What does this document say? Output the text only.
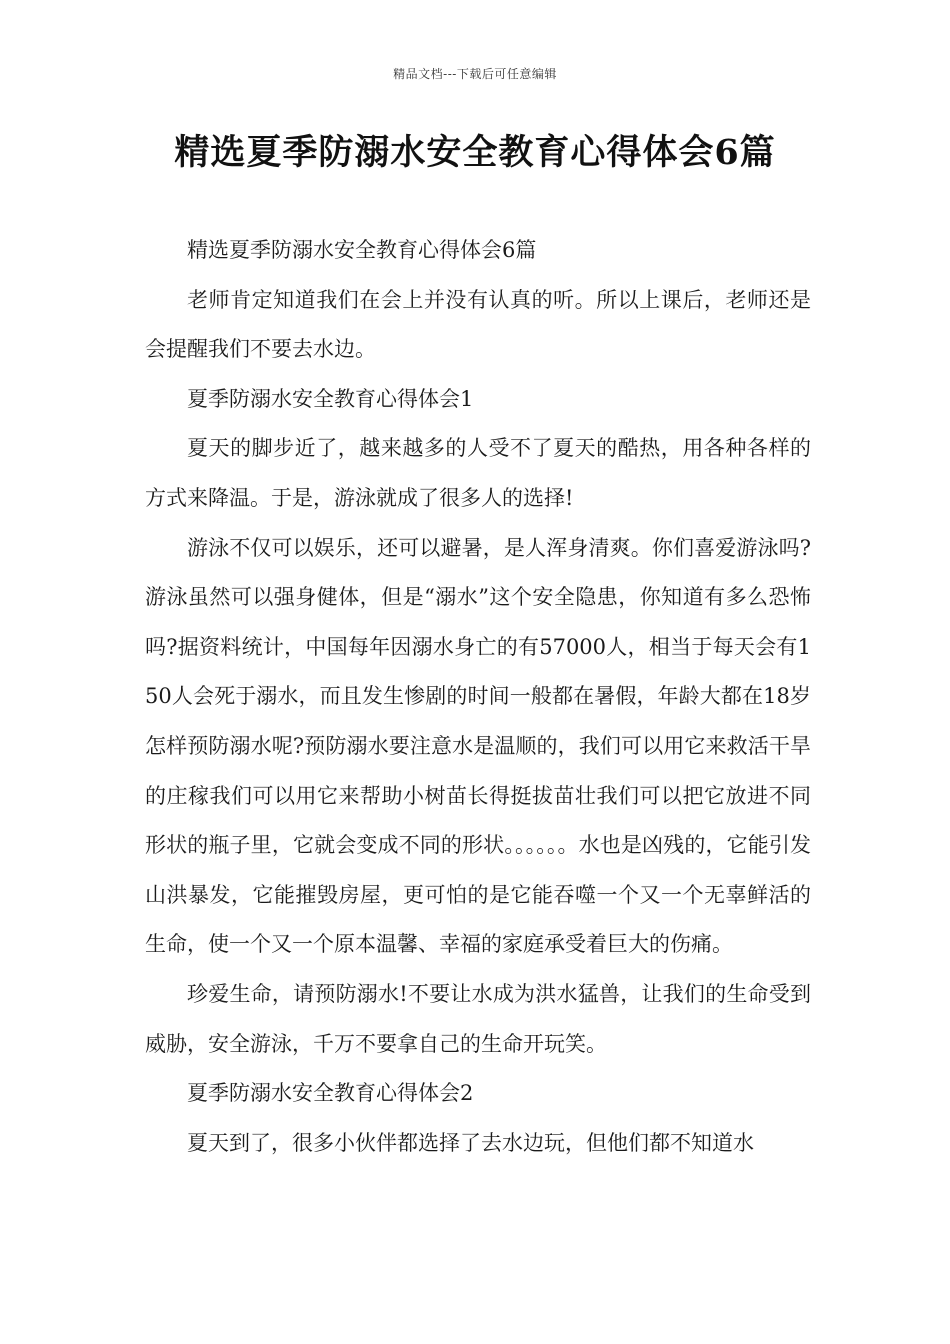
精品文档---下载后可任意编辑
精选夏季防溺水安全教育心得体会6篇

精选夏季防溺水安全教育心得体会6篇

老师肯定知道我们在会上并没有认真的听。所以上课后，老师还是会提醒我们不要去水边。

夏季防溺水安全教育心得体会1

夏天的脚步近了，越来越多的人受不了夏天的酷热，用各种各样的方式来降温。于是，游泳就成了很多人的选择!

游泳不仅可以娱乐，还可以避暑，是人浑身清爽。你们喜爱游泳吗?游泳虽然可以强身健体，但是“溺水”这个安全隐患，你知道有多么恐怖吗?据资料统计，中国每年因溺水身亡的有57000人，相当于每天会有150人会死于溺水，而且发生惨剧的时间一般都在暑假，年龄大都在18岁怎样预防溺水呢?预防溺水要注意水是温顺的，我们可以用它来救活干旱的庄稼我们可以用它来帮助小树苗长得挺拔苗壮我们可以把它放进不同形状的瓶子里，它就会变成不同的形状。。。。。。水也是凶残的，它能引发山洪暴发，它能摧毁房屋，更可怕的是它能吞噬一个又一个无辜鲜活的生命，使一个又一个原本温馨、幸福的家庭承受着巨大的伤痛。

珍爱生命，请预防溺水!不要让水成为洪水猛兽，让我们的生命受到威胁，安全游泳，千万不要拿自己的生命开玩笑。

夏季防溺水安全教育心得体会2

夏天到了，很多小伙伴都选择了去水边玩，但他们都不知道水
